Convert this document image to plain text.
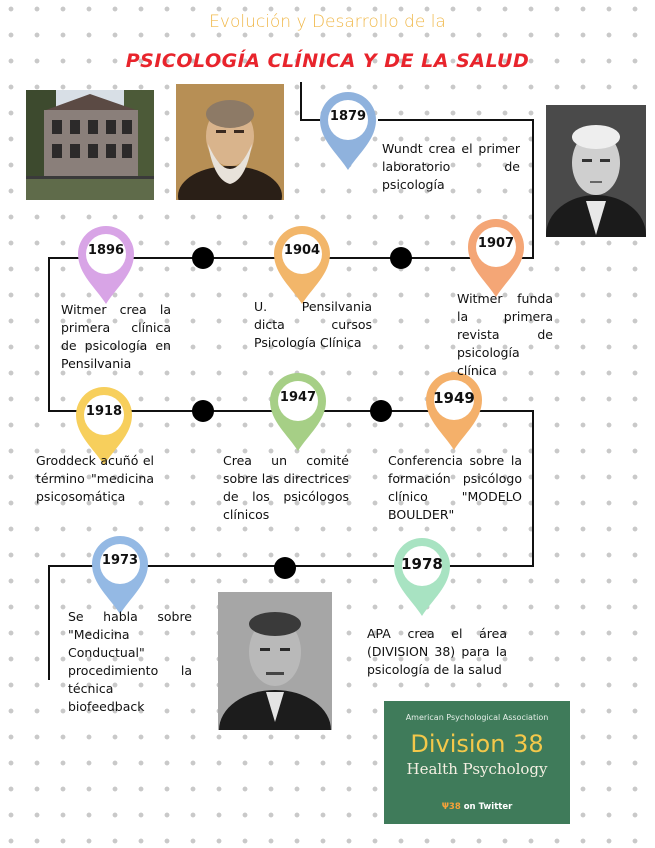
Evolución y Desarrollo de la
PSICOLOGÍA CLÍNICA Y DE LA SALUD
1879
1896	1904	1907
1918
1947	1949
1973	1978
Wundt crea el primer laboratorio de psicología
Witmer crea la primera clínica de psicología en Pensilvania
U. Pensilvania dicta cursos Psicología Clínica
Witmer funda la primera revista de psicología clínica
Groddeck acuñó el término "medicina psicosomática
Crea un comité sobre las directrices de los psicólogos clínicos
Conferencia sobre la formación psicólogo clínico "MODELO BOULDER"
Se habla sobre "Medicina Conductual" procedimiento la técnica biofeedback
APA crea el área (DIVISION 38) para la psicología de la salud
American Psychological Association
Division 38
Health Psychology
Ψ38 on Twitter
